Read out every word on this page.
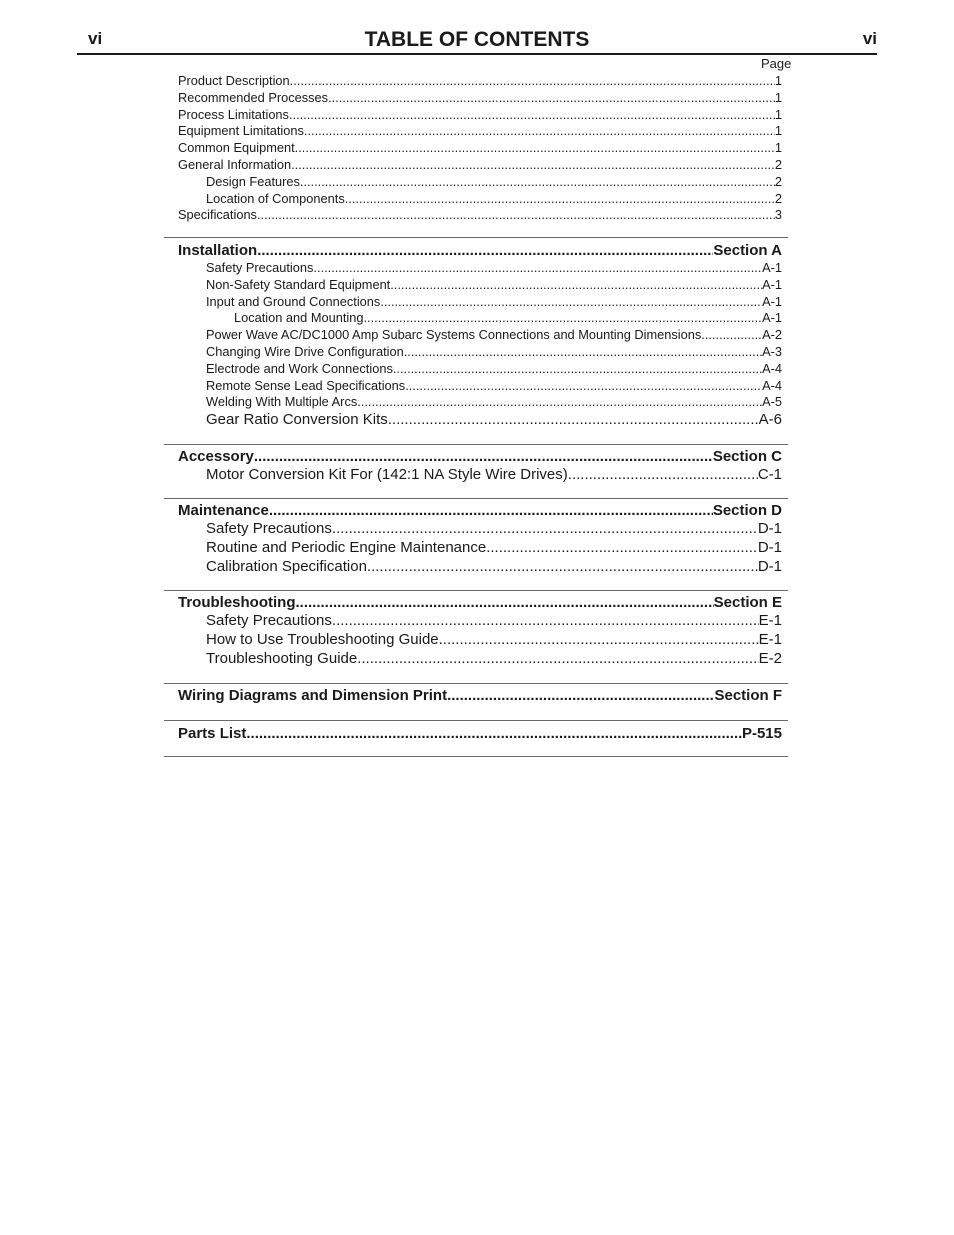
vi	TABLE OF CONTENTS	vi
Page
Product Description .....	1
Recommended Processes .....	1
Process Limitations .....	1
Equipment Limitations .....	1
Common Equipment .....	1
General Information .....	2
Design Features .....	2
Location of Components .....	2
Specifications .....	3
Installation .....	Section A
Safety Precautions. .....	A-1
Non-Safety Standard Equipment .....	A-1
Input and Ground Connections .....	A-1
Location and Mounting .....	A-1
Power Wave AC/DC1000 Amp Subarc Systems Connections and Mounting Dimensions .....	A-2
Changing Wire Drive Configuration .....	A-3
Electrode and Work Connections .....	A-4
Remote Sense Lead Specifications .....	A-4
Welding With Multiple Arcs .....	A-5
Gear Ratio Conversion Kits .....	A-6
Accessory .....	Section C
Motor Conversion Kit For (142:1 NA Style Wire Drives) .....	C-1
Maintenance .....	Section D
Safety Precautions .....	D-1
Routine and Periodic Engine Maintenance .....	D-1
Calibration Specification .....	D-1
Troubleshooting .....	Section E
Safety Precautions .....	E-1
How to Use Troubleshooting Guide .....	E-1
Troubleshooting Guide .....	E-2
Wiring Diagrams and Dimension Print .....	Section F
Parts List .....	P-515
